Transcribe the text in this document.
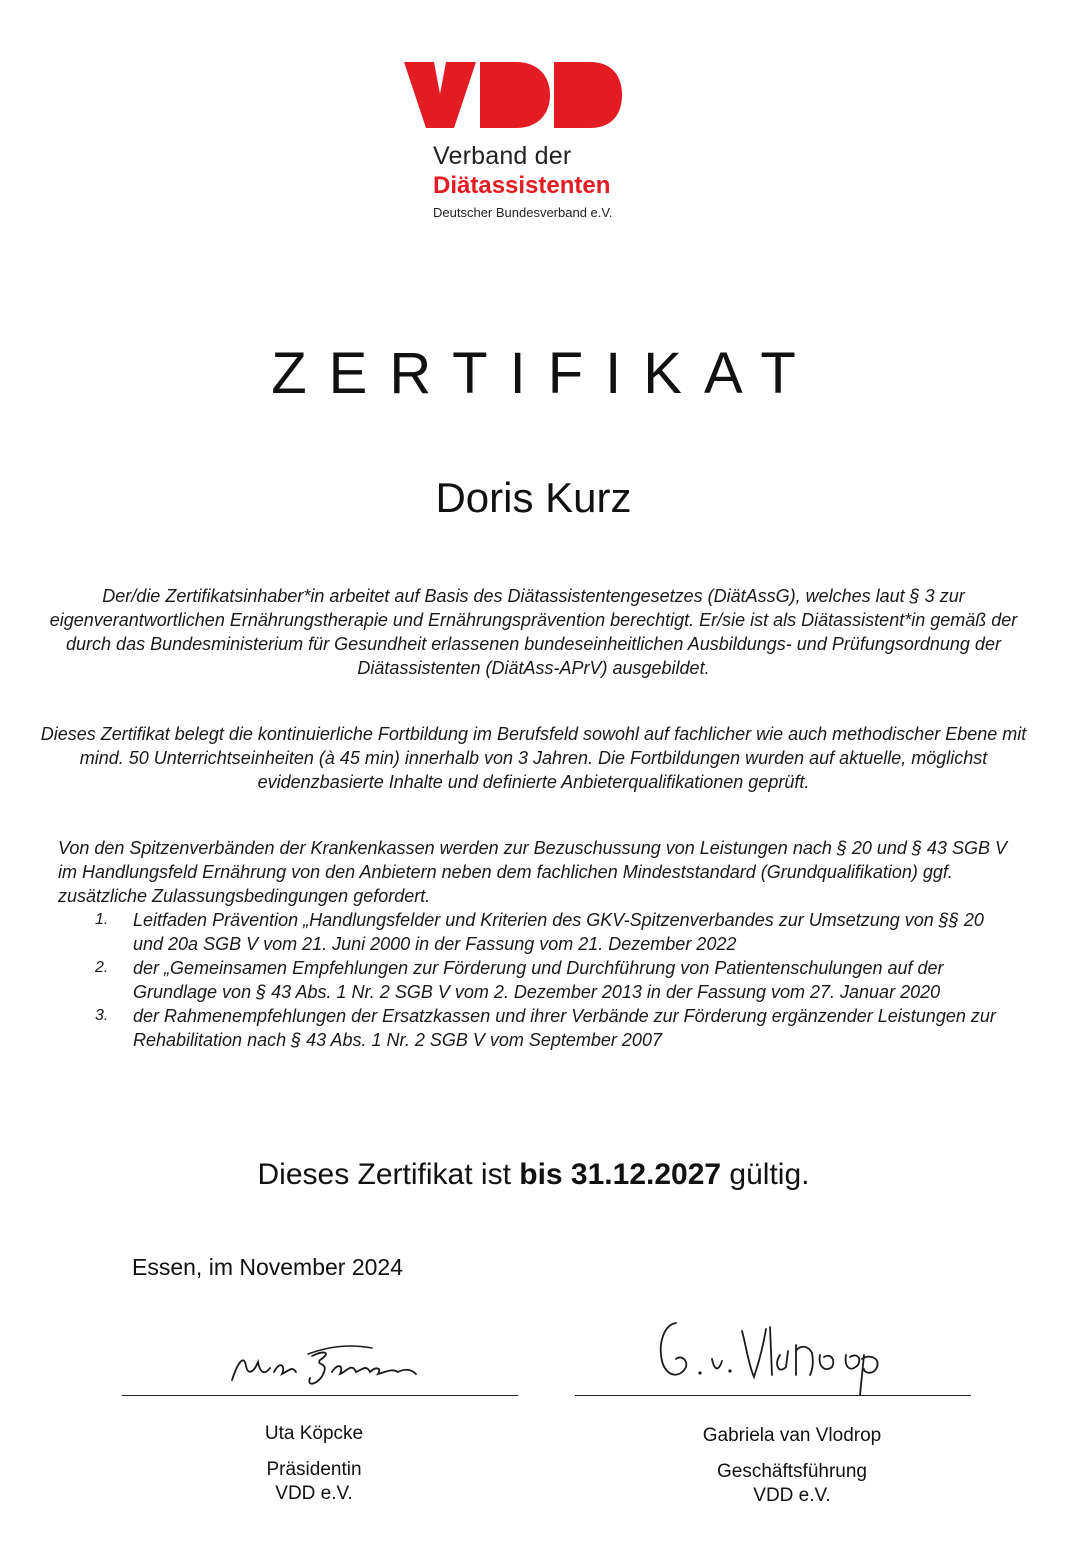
Verband der
Diätassistenten
Deutscher Bundesverband e.V.
ZERTIFIKAT
Doris Kurz
Der/die Zertifikatsinhaber*in arbeitet auf Basis des Diätassistentengesetzes (DiätAssG), welches laut § 3 zur eigenverantwortlichen Ernährungstherapie und Ernährungsprävention berechtigt. Er/sie ist als Diätassistent*in gemäß der durch das Bundesministerium für Gesundheit erlassenen bundeseinheitlichen Ausbildungs- und Prüfungsordnung der Diätassistenten (DiätAss-APrV) ausgebildet.
Dieses Zertifikat belegt die kontinuierliche Fortbildung im Berufsfeld sowohl auf fachlicher wie auch methodischer Ebene mit mind. 50 Unterrichtseinheiten (à 45 min) innerhalb von 3 Jahren. Die Fortbildungen wurden auf aktuelle, möglichst evidenzbasierte Inhalte und definierte Anbieterqualifikationen geprüft.
Von den Spitzenverbänden der Krankenkassen werden zur Bezuschussung von Leistungen nach § 20 und § 43 SGB V im Handlungsfeld Ernährung von den Anbietern neben dem fachlichen Mindeststandard (Grundqualifikation) ggf. zusätzliche Zulassungsbedingungen gefordert.
1. Leitfaden Prävention „Handlungsfelder und Kriterien des GKV-Spitzenverbandes zur Umsetzung von §§ 20 und 20a SGB V vom 21. Juni 2000 in der Fassung vom 21. Dezember 2022
2. der „Gemeinsamen Empfehlungen zur Förderung und Durchführung von Patientenschulungen auf der Grundlage von § 43 Abs. 1 Nr. 2 SGB V vom 2. Dezember 2013 in der Fassung vom 27. Januar 2020
3. der Rahmenempfehlungen der Ersatzkassen und ihrer Verbände zur Förderung ergänzender Leistungen zur Rehabilitation nach § 43 Abs. 1 Nr. 2 SGB V vom September 2007
Dieses Zertifikat ist bis 31.12.2027 gültig.
Essen, im November 2024
Uta Köpcke
Präsidentin
VDD e.V.
Gabriela van Vlodrop
Geschäftsführung
VDD e.V.
